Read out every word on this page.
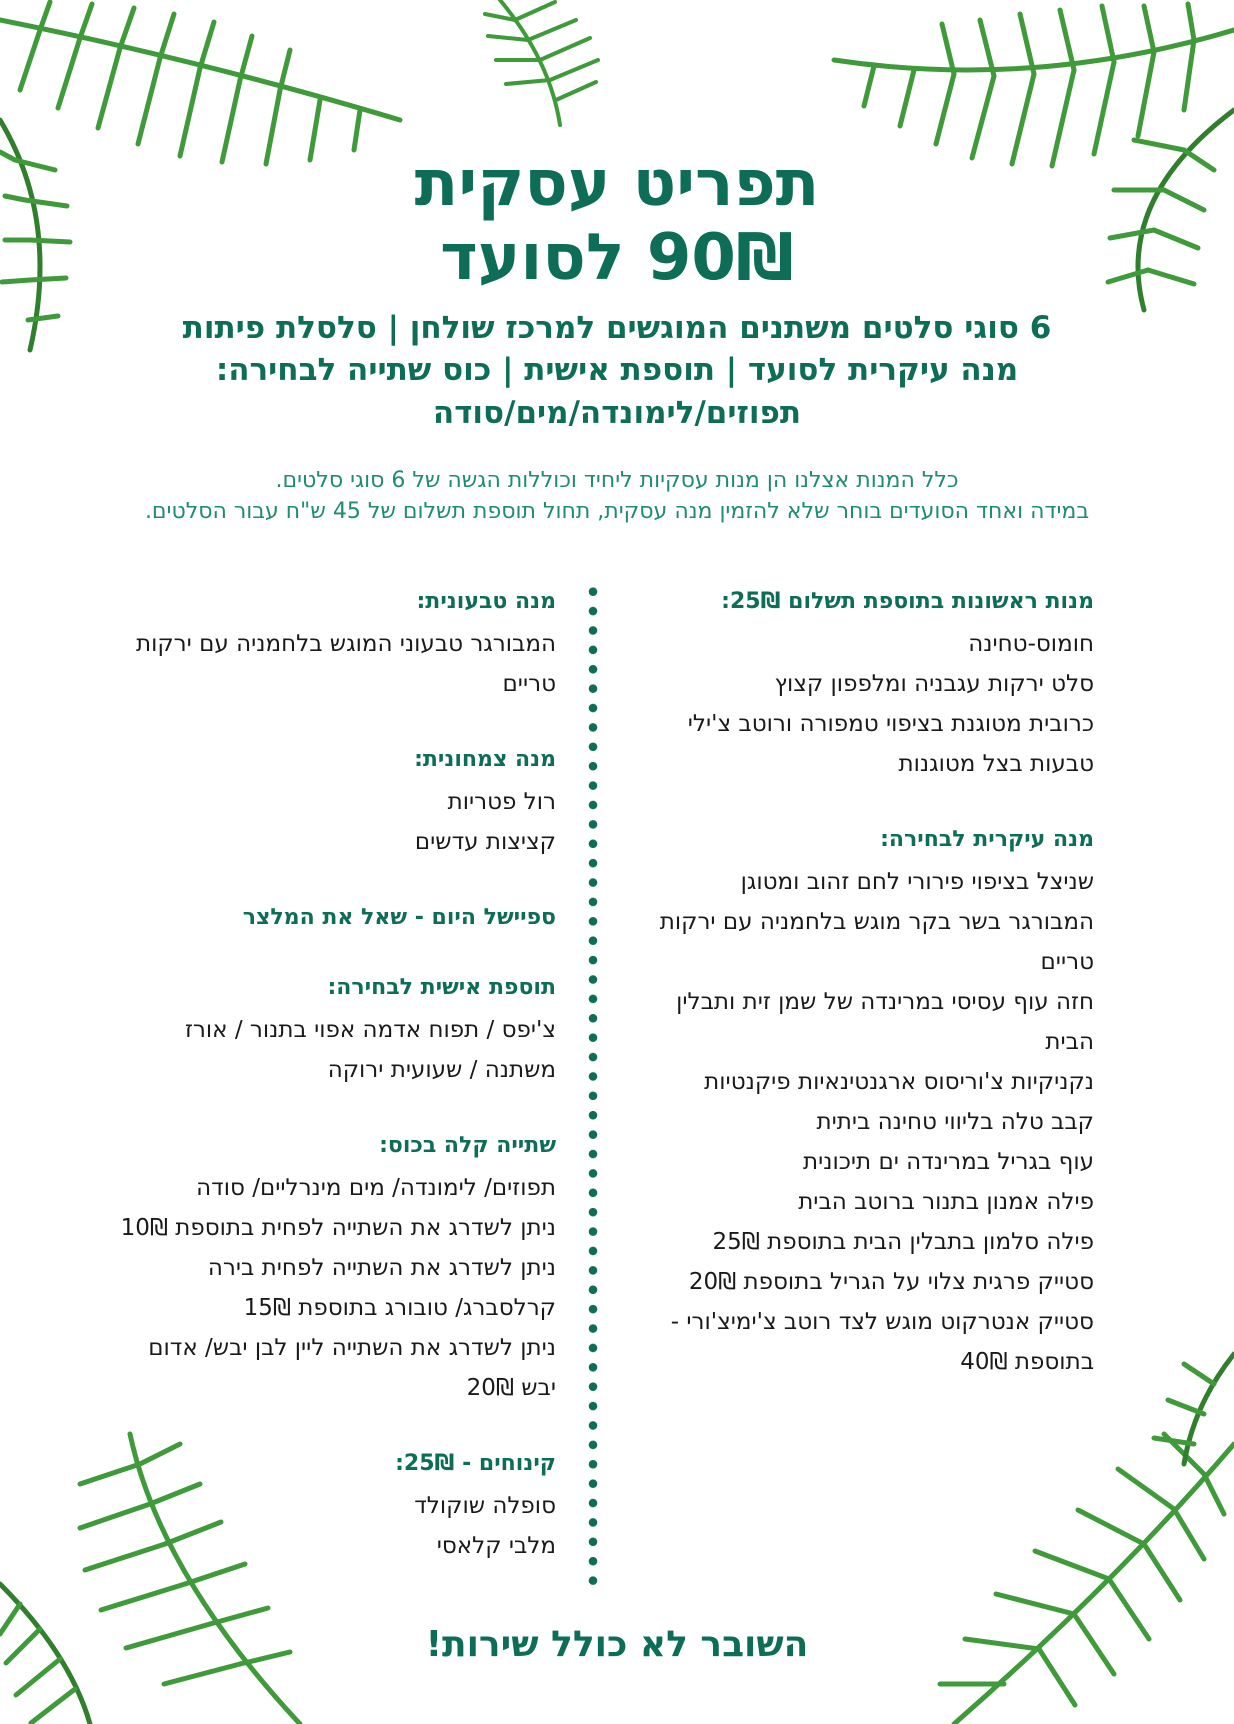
תפריט עסקית
90₪ לסועד
6 סוגי סלטים משתנים המוגשים למרכז שולחן | סלסלת פיתות
מנה עיקרית לסועד | תוספת אישית | כוס שתייה לבחירה:
תפוזים/לימונדה/מים/סודה
כלל המנות אצלנו הן מנות עסקיות ליחיד וכוללות הגשה של 6 סוגי סלטים.
במידה ואחד הסועדים בוחר שלא להזמין מנה עסקית, תחול תוספת תשלום של 45 ש"ח עבור הסלטים.
מנות ראשונות בתוספת תשלום 25₪:
חומוס-טחינה
סלט ירקות עגבניה ומלפפון קצוץ
כרובית מטוגנת בציפוי טמפורה ורוטב צ'ילי
טבעות בצל מטוגנות
מנה עיקרית לבחירה:
שניצל בציפוי פירורי לחם זהוב ומטוגן
המבורגר בשר בקר מוגש בלחמניה עם ירקות
טריים
חזה עוף עסיסי במרינדה של שמן זית ותבלין
הבית
נקניקיות צ'וריסוס ארגנטינאיות פיקנטיות
קבב טלה בליווי טחינה ביתית
עוף בגריל במרינדה ים תיכונית
פילה אמנון בתנור ברוטב הבית
פילה סלמון בתבלין הבית בתוספת 25₪
סטייק פרגית צלוי על הגריל בתוספת 20₪
סטייק אנטרקוט מוגש לצד רוטב צ'ימיצ'ורי -
בתוספת 40₪
מנה טבעונית:
המבורגר טבעוני המוגש בלחמניה עם ירקות
טריים
מנה צמחונית:
רול פטריות
קציצות עדשים
ספיישל היום - שאל את המלצר
תוספת אישית לבחירה:
צ'יפס / תפוח אדמה אפוי בתנור / אורז
משתנה / שעועית ירוקה
שתייה קלה בכוס:
תפוזים/ לימונדה/ מים מינרליים/ סודה
ניתן לשדרג את השתייה לפחית בתוספת 10₪
ניתן לשדרג את השתייה לפחית בירה
קרלסברג/ טובורג בתוספת 15₪
ניתן לשדרג את השתייה ליין לבן יבש/ אדום
יבש 20₪
קינוחים - 25₪:
סופלה שוקולד
מלבי קלאסי
השובר לא כולל שירות!
